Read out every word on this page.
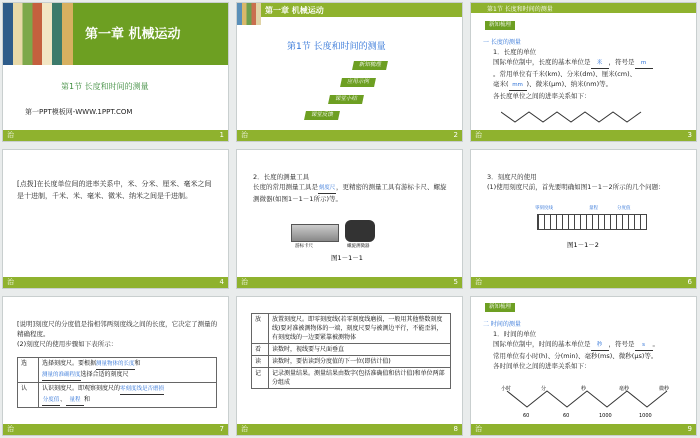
第一章 机械运动
第1节 长度和时间的测量
第一PPT模板网-WWW.1PPT.COM
治	1
第一章 机械运动
第1节 长度和时间的测量
新知梳理
应用示例
课堂小结
课堂反馈
治	2
第1节 长度和时间的测量
新知梳理
一 长度的测量
1．长度的单位
国际单位制中，长度的基本单位是 米 ，符号是 m
。常用单位有千米(km)、分米(dm)、厘米(cm)、
毫米( mm )、微米(μm)、纳米(nm)等。
各长度单位之间的进率关系如下：
治	3
[点拨]在长度单位间的进率关系中，米、分米、厘米、毫米之间是十进制，千米、米、毫米、微米、纳米之间是千进制。
治	4
2．长度的测量工具
长度的常用测量工具是刻度尺，更精密的测量工具有游标卡尺、螺旋测微器(如图1－1－1所示)等。
游标卡尺	螺旋测微器
图1－1－1
治	5
3．刻度尺的使用
(1)使用刻度尺前，首先要明确如图1－1－2所示的几个问题：
零刻度线	量程	分度值
图1－1－2
治	6
[说明]刻度尺的分度值是指相邻两刻度线之间的长度，它决定了测量的精确程度。
(2)刻度尺的使用步骤如下表所示：
选	选择刻度尺。要根据测量物体的长度和
测量的准确程度选择合适的刻度尺
认	认识刻度尺。即观察刻度尺的零刻度线是否磨损
分度值、 量程 和
治	7
放	放置刻度尺。即零刻度线(若零刻度线磨损，一般用其他整数刻度线)要对准被测物体的一端，刻度尺要与被测边平行，不能歪斜，有刻度线的一边要紧靠被测物体
看	读数时，视线要与尺面垂直
读	读数时，要估读到分度值的下一位(即估计值)
记	记录测量结果。测量结果由数字(包括准确值和估计值)和单位两部分组成
治	8
新知梳理
二 时间的测量
1．时间的单位
国际单位制中，时间的基本单位是 秒 ，符号是 s 。
常用单位有小时(h)、分(min)、毫秒(ms)、微秒(μs)等。
各时间单位之间的进率关系如下：
小时	分	秒	毫秒	微秒
60	60	1000	1000
治	9
